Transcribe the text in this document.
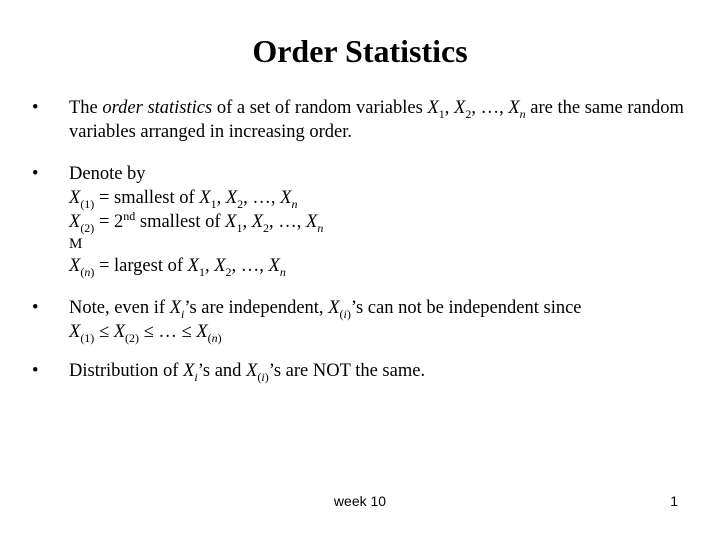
Order Statistics
• The order statistics of a set of random variables $X_1$, $X_2$, …, $X_n$ are the same random variables arranged in increasing order.
• Denote by
$X_{(1)}$ = smallest of $X_1$, $X_2$, …, $X_n$
$X_{(2)} = 2nd$ smallest of $X_1$, $X_2$, …, $X_n$
M
$X_{(n)}$ = largest of $X_1$, $X_2$, …, $X_n$
• Note, even if $X_i’s$ are independent, $X_{(i)}’s$ can not be independent since
$X_{(1)} \le X_{(2)}$ ≤ … ≤ $X_{(n)}$
• Distribution of $X_i’s$ and $X_{(i)}’s$ are NOT the same.
week 10	1
